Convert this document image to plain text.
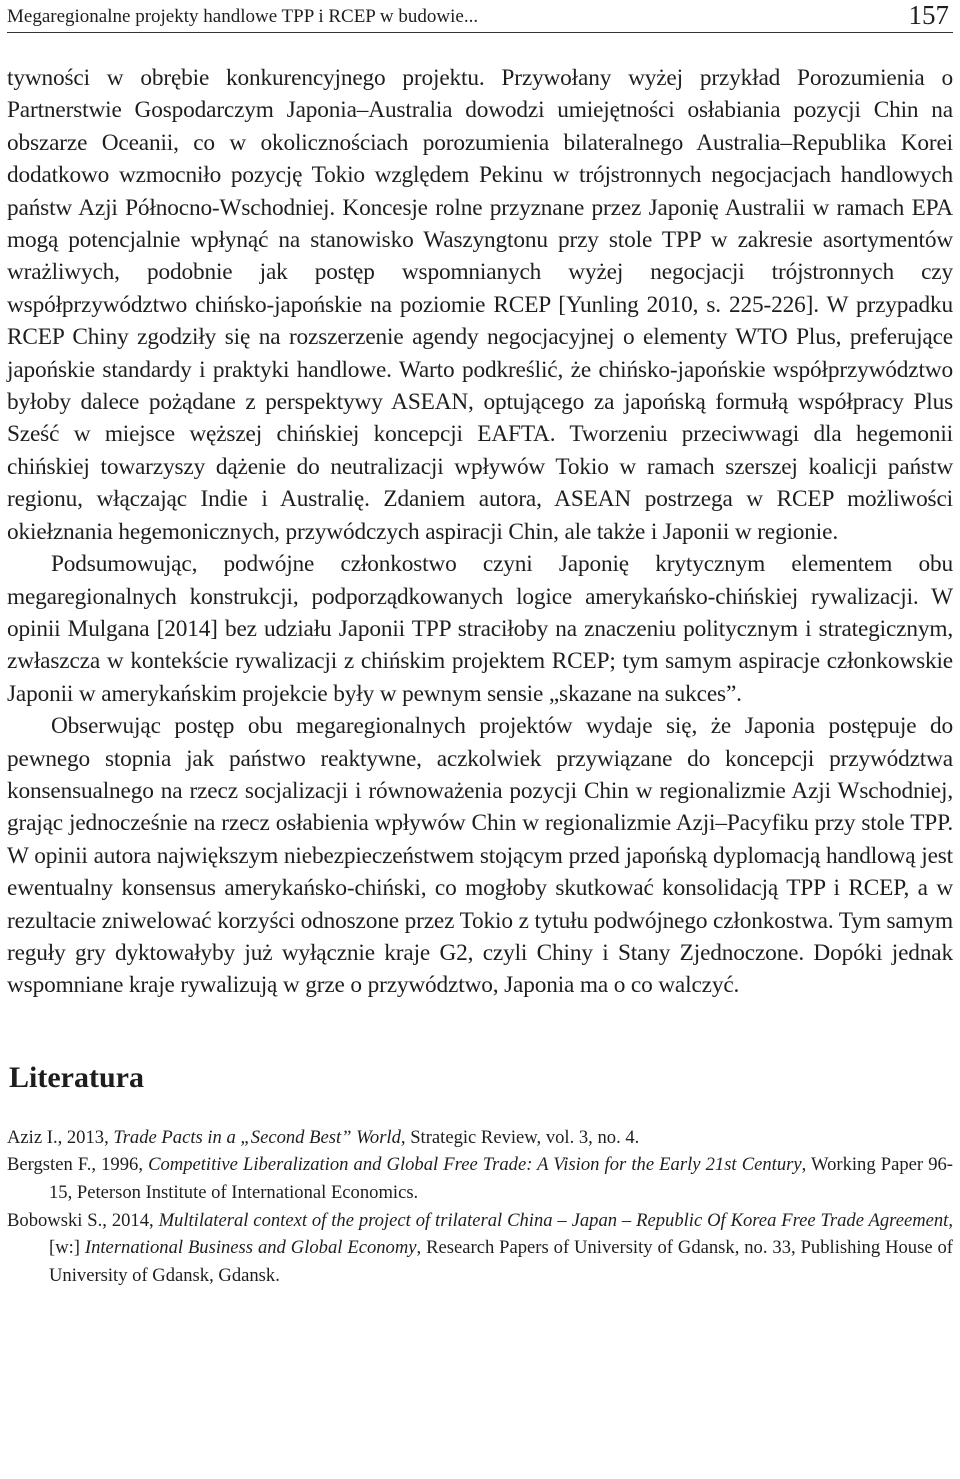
Megaregionalne projekty handlowe TPP i RCEP w budowie...	157

tywności w obrębie konkurencyjnego projektu. Przywołany wyżej przykład Porozumienia o Partnerstwie Gospodarczym Japonia–Australia dowodzi umiejętności osłabiania pozycji Chin na obszarze Oceanii, co w okolicznościach porozumienia bilateralnego Australia–Republika Korei dodatkowo wzmocniło pozycję Tokio względem Pekinu w trójstronnych negocjacjach handlowych państw Azji Północno-Wschodniej. Koncesje rolne przyznane przez Japonię Australii w ramach EPA mogą potencjalnie wpłynąć na stanowisko Waszyngtonu przy stole TPP w zakresie asortymentów wrażliwych, podobnie jak postęp wspomnianych wyżej negocjacji trójstronnych czy współprzywództwo chińsko-japońskie na poziomie RCEP [Yunling 2010, s. 225-226]. W przypadku RCEP Chiny zgodziły się na rozszerzenie agendy negocjacyjnej o elementy WTO Plus, preferujące japońskie standardy i praktyki handlowe. Warto podkreślić, że chińsko-japońskie współprzywództwo byłoby dalece pożądane z perspektywy ASEAN, optującego za japońską formułą współpracy Plus Sześć w miejsce węższej chińskiej koncepcji EAFTA. Tworzeniu przeciwwagi dla hegemonii chińskiej towarzyszy dążenie do neutralizacji wpływów Tokio w ramach szerszej koalicji państw regionu, włączając Indie i Australię. Zdaniem autora, ASEAN postrzega w RCEP możliwości okiełznania hegemonicznych, przywódczych aspiracji Chin, ale także i Japonii w regionie.

Podsumowując, podwójne członkostwo czyni Japonię krytycznym elementem obu megaregionalnych konstrukcji, podporządkowanych logice amerykańsko-chińskiej rywalizacji. W opinii Mulgana [2014] bez udziału Japonii TPP straciłoby na znaczeniu politycznym i strategicznym, zwłaszcza w kontekście rywalizacji z chińskim projektem RCEP; tym samym aspiracje członkowskie Japonii w amerykańskim projekcie były w pewnym sensie „skazane na sukces”.

Obserwując postęp obu megaregionalnych projektów wydaje się, że Japonia postępuje do pewnego stopnia jak państwo reaktywne, aczkolwiek przywiązane do koncepcji przywództwa konsensualnego na rzecz socjalizacji i równoważenia pozycji Chin w regionalizmie Azji Wschodniej, grając jednocześnie na rzecz osłabienia wpływów Chin w regionalizmie Azji–Pacyfiku przy stole TPP. W opinii autora największym niebezpieczeństwem stojącym przed japońską dyplomacją handlową jest ewentualny konsensus amerykańsko-chiński, co mogłoby skutkować konsolidacją TPP i RCEP, a w rezultacie zniwelować korzyści odnoszone przez Tokio z tytułu podwójnego członkostwa. Tym samym reguły gry dyktowałyby już wyłącznie kraje G2, czyli Chiny i Stany Zjednoczone. Dopóki jednak wspomniane kraje rywalizują w grze o przywództwo, Japonia ma o co walczyć.

Literatura

Aziz I., 2013, Trade Pacts in a „Second Best” World, Strategic Review, vol. 3, no. 4.

Bergsten F., 1996, Competitive Liberalization and Global Free Trade: A Vision for the Early 21st Century, Working Paper 96-15, Peterson Institute of International Economics.

Bobowski S., 2014, Multilateral context of the project of trilateral China – Japan – Republic Of Korea Free Trade Agreement, [w:] International Business and Global Economy, Research Papers of University of Gdansk, no. 33, Publishing House of University of Gdansk, Gdansk.
